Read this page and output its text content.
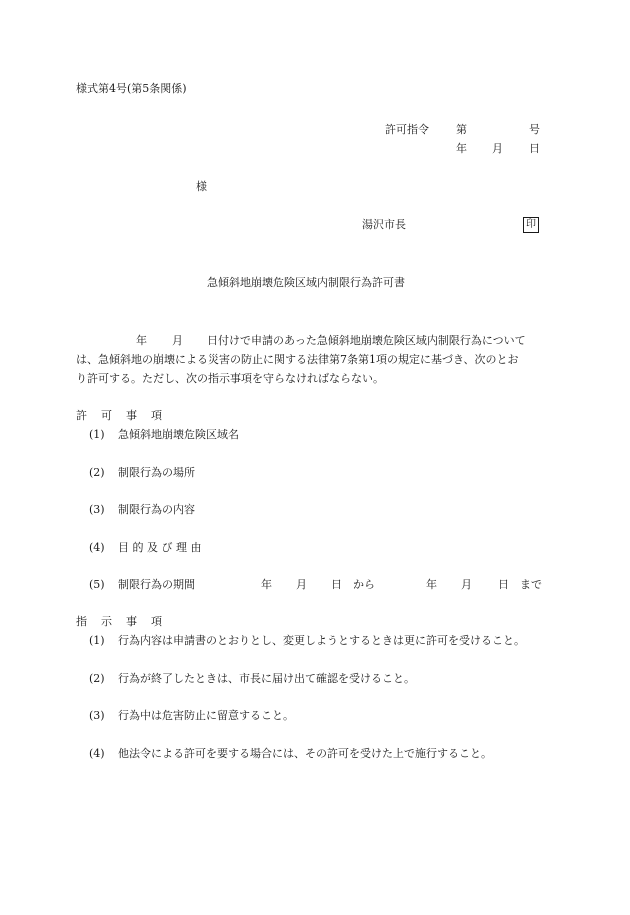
様式第4号(第5条関係)
許可指令 第	号
年 月 日
様
湯沢市長	印
急傾斜地崩壊危険区域内制限行為許可書
年 月 日付けで申請のあった急傾斜地崩壊危険区域内制限行為について
は、急傾斜地の崩壊による災害の防止に関する法律第7条第1項の規定に基づき、次のとお
り許可する。ただし、次の指示事項を守らなければならない。
許 可 事 項
(1) 急傾斜地崩壊危険区域名
(2) 制限行為の場所
(3) 制限行為の内容
(4) 目 的 及 び 理 由
(5) 制限行為の期間	年 月 日 から	年 月 日 まで
指 示 事 項
(1) 行為内容は申請書のとおりとし、変更しようとするときは更に許可を受けること。
(2) 行為が終了したときは、市長に届け出て確認を受けること。
(3) 行為中は危害防止に留意すること。
(4) 他法令による許可を要する場合には、その許可を受けた上で施行すること。
